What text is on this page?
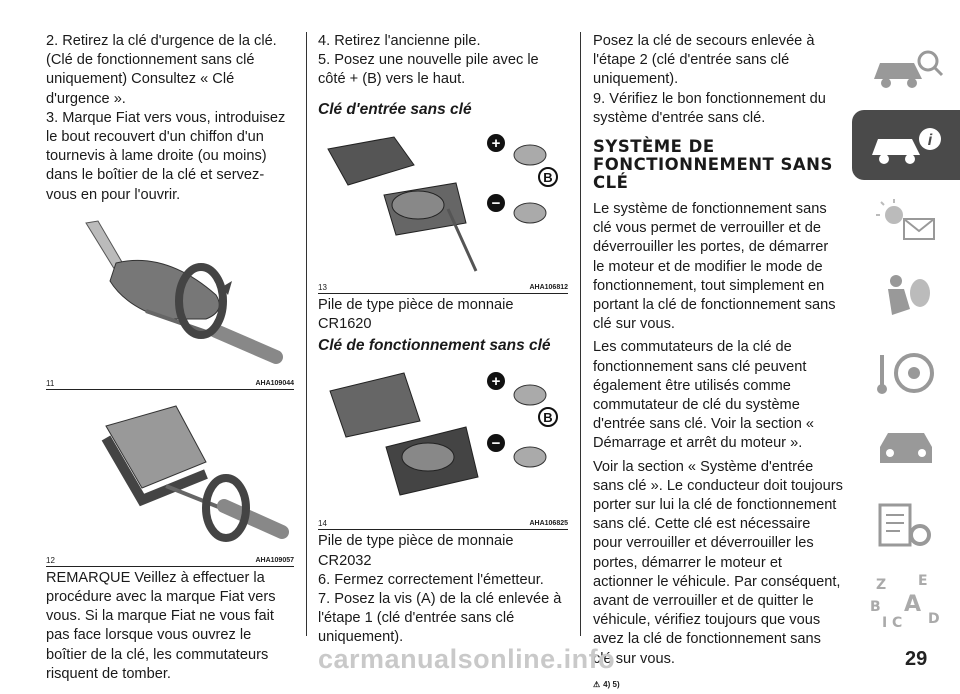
2. Retirez la clé d'urgence de la clé. (Clé de fonctionnement sans clé uniquement) Consultez « Clé d'urgence ».

3. Marque Fiat vers vous, introduisez le bout recouvert d'un chiffon d'un tournevis à lame droite (ou moins) dans le boîtier de la clé et servez-vous en pour l'ouvrir.

11	AHA109044
12	AHA109057

REMARQUE Veillez à effectuer la procédure avec la marque Fiat vers vous. Si la marque Fiat ne vous fait pas face lorsque vous ouvrez le boîtier de la clé, les commutateurs risquent de tomber.

4. Retirez l'ancienne pile.

5. Posez une nouvelle pile avec le côté + (B) vers le haut.

Clé d'entrée sans clé

+
−
B
13	AHA106812

Pile de type pièce de monnaie CR1620

Clé de fonctionnement sans clé

+
−
B
14	AHA106825

Pile de type pièce de monnaie CR2032

6. Fermez correctement l'émetteur.

7. Posez la vis (A) de la clé enlevée à l'étape 1 (clé d'entrée sans clé uniquement).

Posez la clé de secours enlevée à l'étape 2 (clé d'entrée sans clé uniquement).

9. Vérifiez le bon fonctionnement du système d'entrée sans clé.

SYSTÈME DE FONCTIONNEMENT SANS CLÉ

Le système de fonctionnement sans clé vous permet de verrouiller et de déverrouiller les portes, de démarrer le moteur et de modifier le mode de fonctionnement, tout simplement en portant la clé de fonctionnement sans clé sur vous.

Les commutateurs de la clé de fonctionnement sans clé peuvent également être utilisés comme commutateur de clé du système d'entrée sans clé. Voir la section « Démarrage et arrêt du moteur ».

Voir la section « Système d'entrée sans clé ». Le conducteur doit toujours porter sur lui la clé de fonctionnement sans clé. Cette clé est nécessaire pour verrouiller et déverrouiller les portes, démarrer le moteur et actionner le véhicule. Par conséquent, avant de verrouiller et de quitter le véhicule, vérifiez toujours que vous avez la clé de fonctionnement sans clé sur vous.

⚠ 4) 5)

i
Z E
B A
D
C
I
carmanualsonline.info	29
